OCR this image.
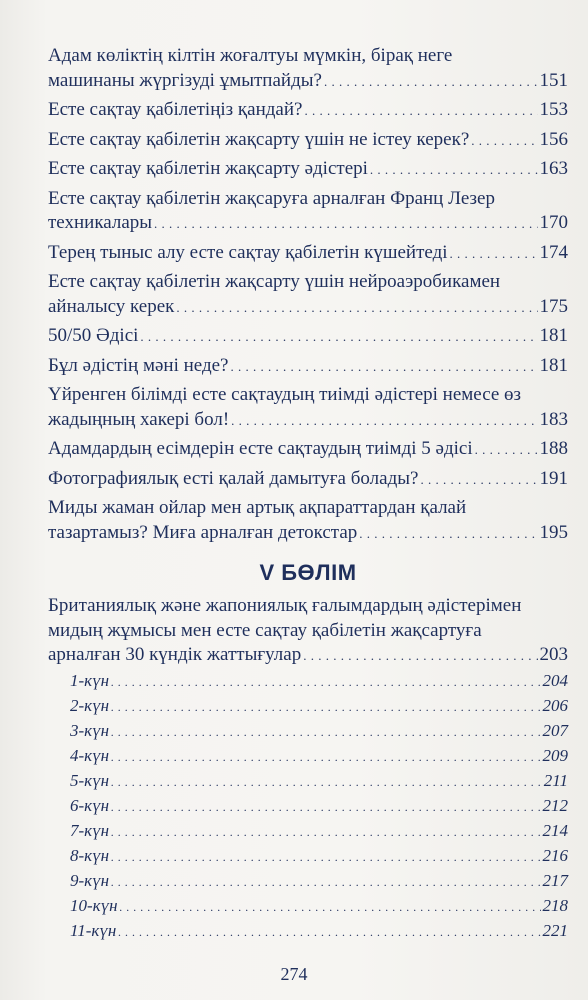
Адам көліктің кілтін жоғалтуы мүмкін, бірақ неге
машинаны жүргізуді ұмытпайды? . . .	151
Есте сақтау қабілетіңіз қандай? . . .	153
Есте сақтау қабілетін жақсарту үшін не істеу керек? . . .	156
Есте сақтау қабілетін жақсарту әдістері . . .	163
Есте сақтау қабілетін жақсаруға арналған Франц Лезер
техникалары . . .	170
Терең тыныс алу есте сақтау қабілетін күшейтеді . . .	174
Есте сақтау қабілетін жақсарту үшін нейроаэробикамен
айналысу керек . . .	175
50/50 Әдісі . . .	181
Бұл әдістің мәні неде? . . .	181
Үйренген білімді есте сақтаудың тиімді әдістері немесе өз
жадыңның хакері бол! . . .	183
Адамдардың есімдерін есте сақтаудың тиімді 5 әдісі . . .	188
Фотографиялық есті қалай дамытуға болады? . . .	191
Миды жаман ойлар мен артық ақпараттардан қалай
тазартамыз? Миға арналған детокстар . . .	195
V БӨЛІМ
Британиялық және жапониялық ғалымдардың әдістерімен
мидың жұмысы мен есте сақтау қабілетін жақсартуға
арналған 30 күндік жаттығулар . . .	203
1-күн . . .	204
2-күн . . .	206
3-күн . . .	207
4-күн . . .	209
5-күн . . .	211
6-күн . . .	212
7-күн . . .	214
8-күн . . .	216
9-күн . . .	217
10-күн . . .	218
11-күн . . .	221
274
